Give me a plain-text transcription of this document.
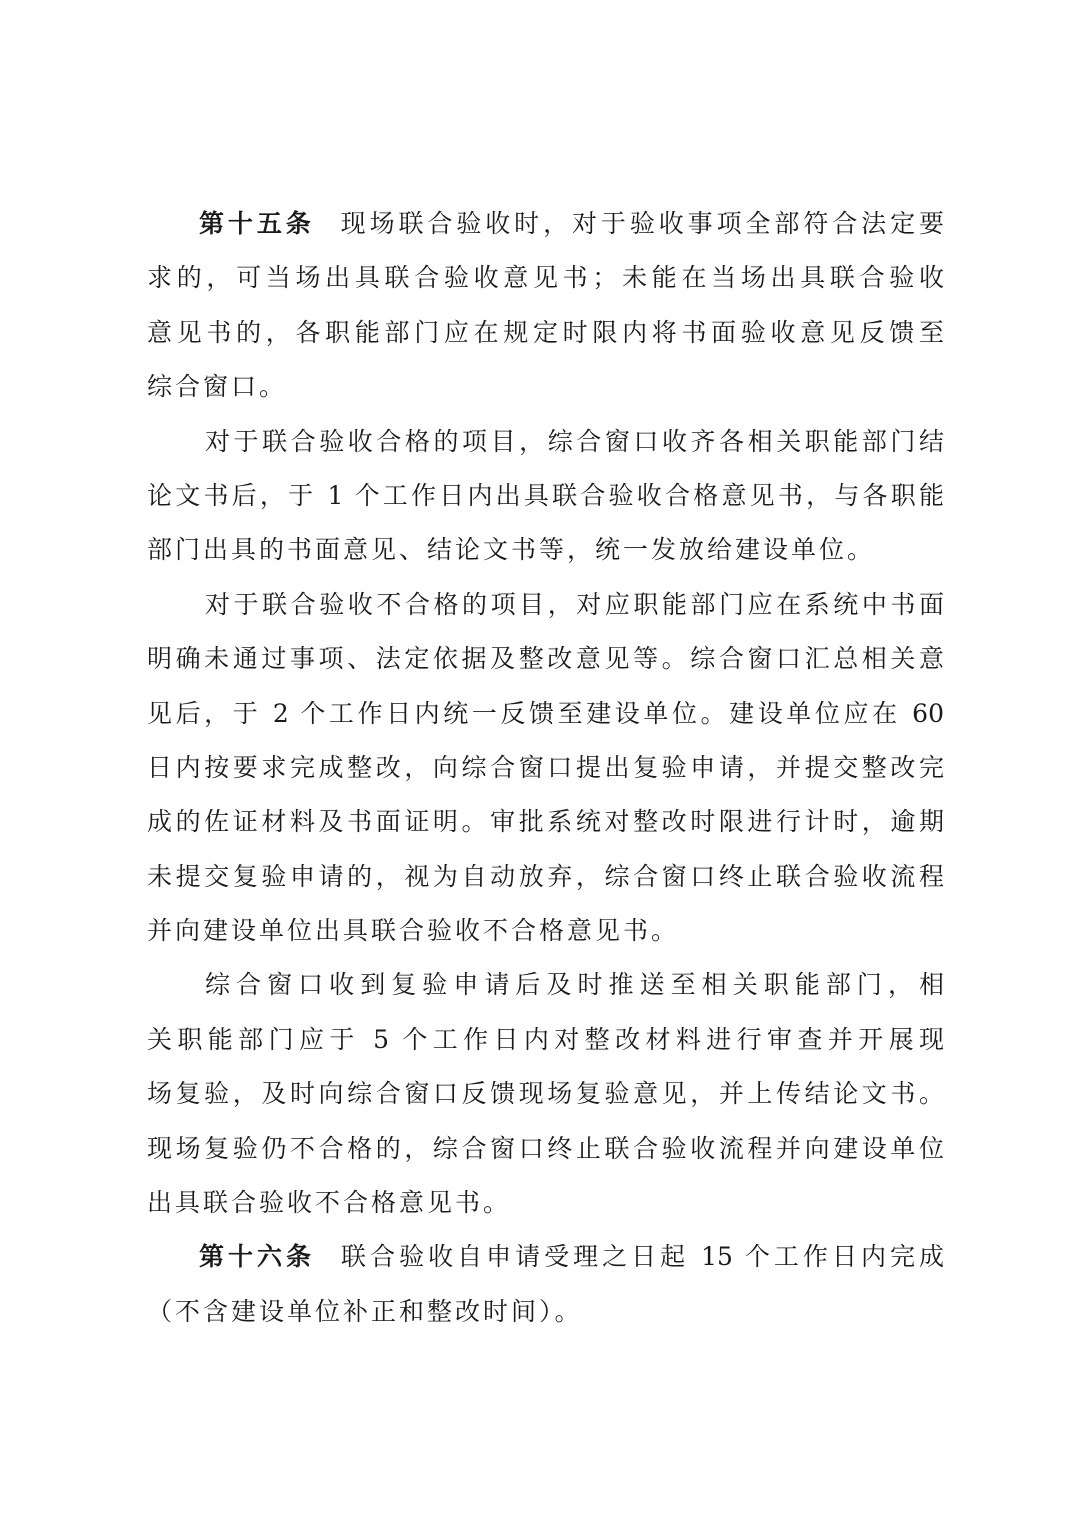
第十五条 现场联合验收时，对于验收事项全部符合法定要
求的，可当场出具联合验收意见书；未能在当场出具联合验收
意见书的，各职能部门应在规定时限内将书面验收意见反馈至
综合窗口。
对于联合验收合格的项目，综合窗口收齐各相关职能部门结
论文书后，于 1 个工作日内出具联合验收合格意见书，与各职能
部门出具的书面意见、结论文书等，统一发放给建设单位。
对于联合验收不合格的项目，对应职能部门应在系统中书面
明确未通过事项、法定依据及整改意见等。综合窗口汇总相关意
见后，于 2 个工作日内统一反馈至建设单位。建设单位应在 60
日内按要求完成整改，向综合窗口提出复验申请，并提交整改完
成的佐证材料及书面证明。审批系统对整改时限进行计时，逾期
未提交复验申请的，视为自动放弃，综合窗口终止联合验收流程
并向建设单位出具联合验收不合格意见书。
综合窗口收到复验申请后及时推送至相关职能部门，相
关职能部门应于 5 个工作日内对整改材料进行审查并开展现
场复验，及时向综合窗口反馈现场复验意见，并上传结论文书。
现场复验仍不合格的，综合窗口终止联合验收流程并向建设单位
出具联合验收不合格意见书。
第十六条 联合验收自申请受理之日起 15 个工作日内完成
（不含建设单位补正和整改时间）。
